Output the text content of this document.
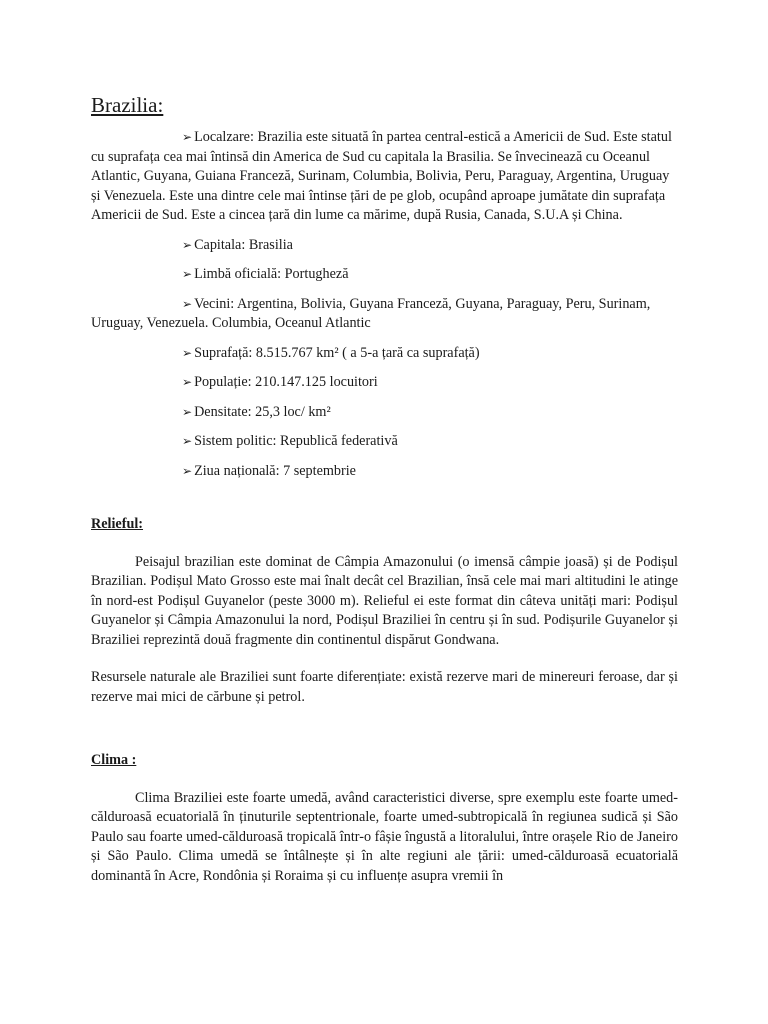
Brazilia:

➢ Localzare: Brazilia este situată în partea central-estică a Americii de Sud. Este statul cu suprafața cea mai întinsă din America de Sud cu capitala la Brasilia. Se învecinează cu Oceanul Atlantic, Guyana, Guiana Franceză, Surinam, Columbia, Bolivia, Peru, Paraguay, Argentina, Uruguay și Venezuela. Este una dintre cele mai întinse țări de pe glob, ocupând aproape jumătate din suprafața Americii de Sud. Este a cincea țară din lume ca mărime, după Rusia, Canada, S.U.A și China.

➢ Capitala: Brasilia

➢ Limbă oficială: Portugheză

➢ Vecini: Argentina, Bolivia, Guyana Franceză, Guyana, Paraguay, Peru, Surinam, Uruguay, Venezuela. Columbia, Oceanul Atlantic

➢ Suprafață: 8.515.767 km² ( a 5-a țară ca suprafață)

➢ Populație: 210.147.125 locuitori

➢ Densitate: 25,3 loc/ km²

➢ Sistem politic: Republică federativă

➢ Ziua națională: 7 septembrie

Relieful:

Peisajul brazilian este dominat de Câmpia Amazonului (o imensă câmpie joasă) și de Podișul Brazilian. Podișul Mato Grosso este mai înalt decât cel Brazilian, însă cele mai mari altitudini le atinge în nord-est Podișul Guyanelor (peste 3000 m). Relieful ei este format din câteva unități mari: Podișul Guyanelor și Câmpia Amazonului la nord, Podișul Braziliei în centru și în sud. Podișurile Guyanelor și Braziliei reprezintă două fragmente din continentul dispărut Gondwana.

Resursele naturale ale Braziliei sunt foarte diferențiate: există rezerve mari de minereuri feroase, dar și rezerve mai mici de cărbune și petrol.

Clima :

Clima Braziliei este foarte umedă, având caracteristici diverse, spre exemplu este foarte umed-călduroasă ecuatorială în ținuturile septentrionale, foarte umed-subtropicală în regiunea sudică și São Paulo sau foarte umed-călduroasă tropicală într-o fâșie îngustă a litoralului, între orașele Rio de Janeiro și São Paulo. Clima umedă se întâlnește și în alte regiuni ale țării: umed-călduroasă ecuatorială dominantă în Acre, Rondônia și Roraima și cu influențe asupra vremii în
